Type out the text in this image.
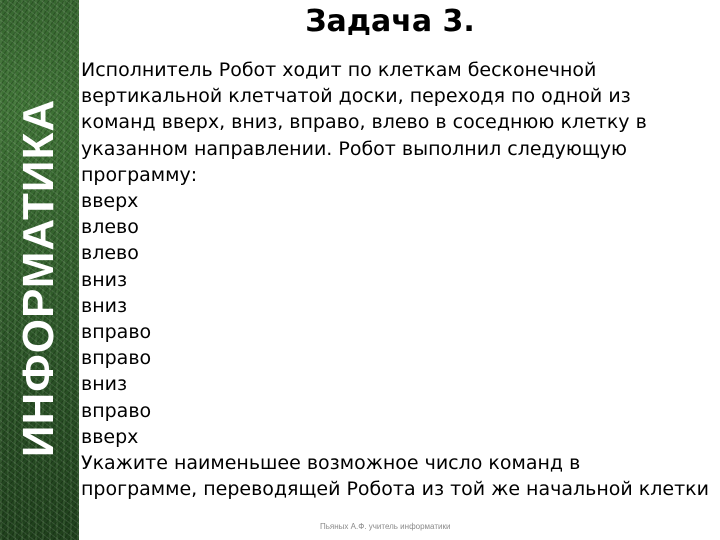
ИНФОРМАТИКА
Задача 3.
Исполнитель Робот ходит по клеткам бесконечной
вертикальной клетчатой доски, переходя по одной из
команд вверх, вниз, вправо, влево в соседнюю клетку в
указанном направлении. Робот выполнил следующую
программу:
вверх
влево
влево
вниз
вниз
вправо
вправо
вниз
вправо
вверх
Укажите наименьшее возможное число команд в
программе, переводящей Робота из той же начальной клетки
Пьяных А.Ф. учитель информатики
